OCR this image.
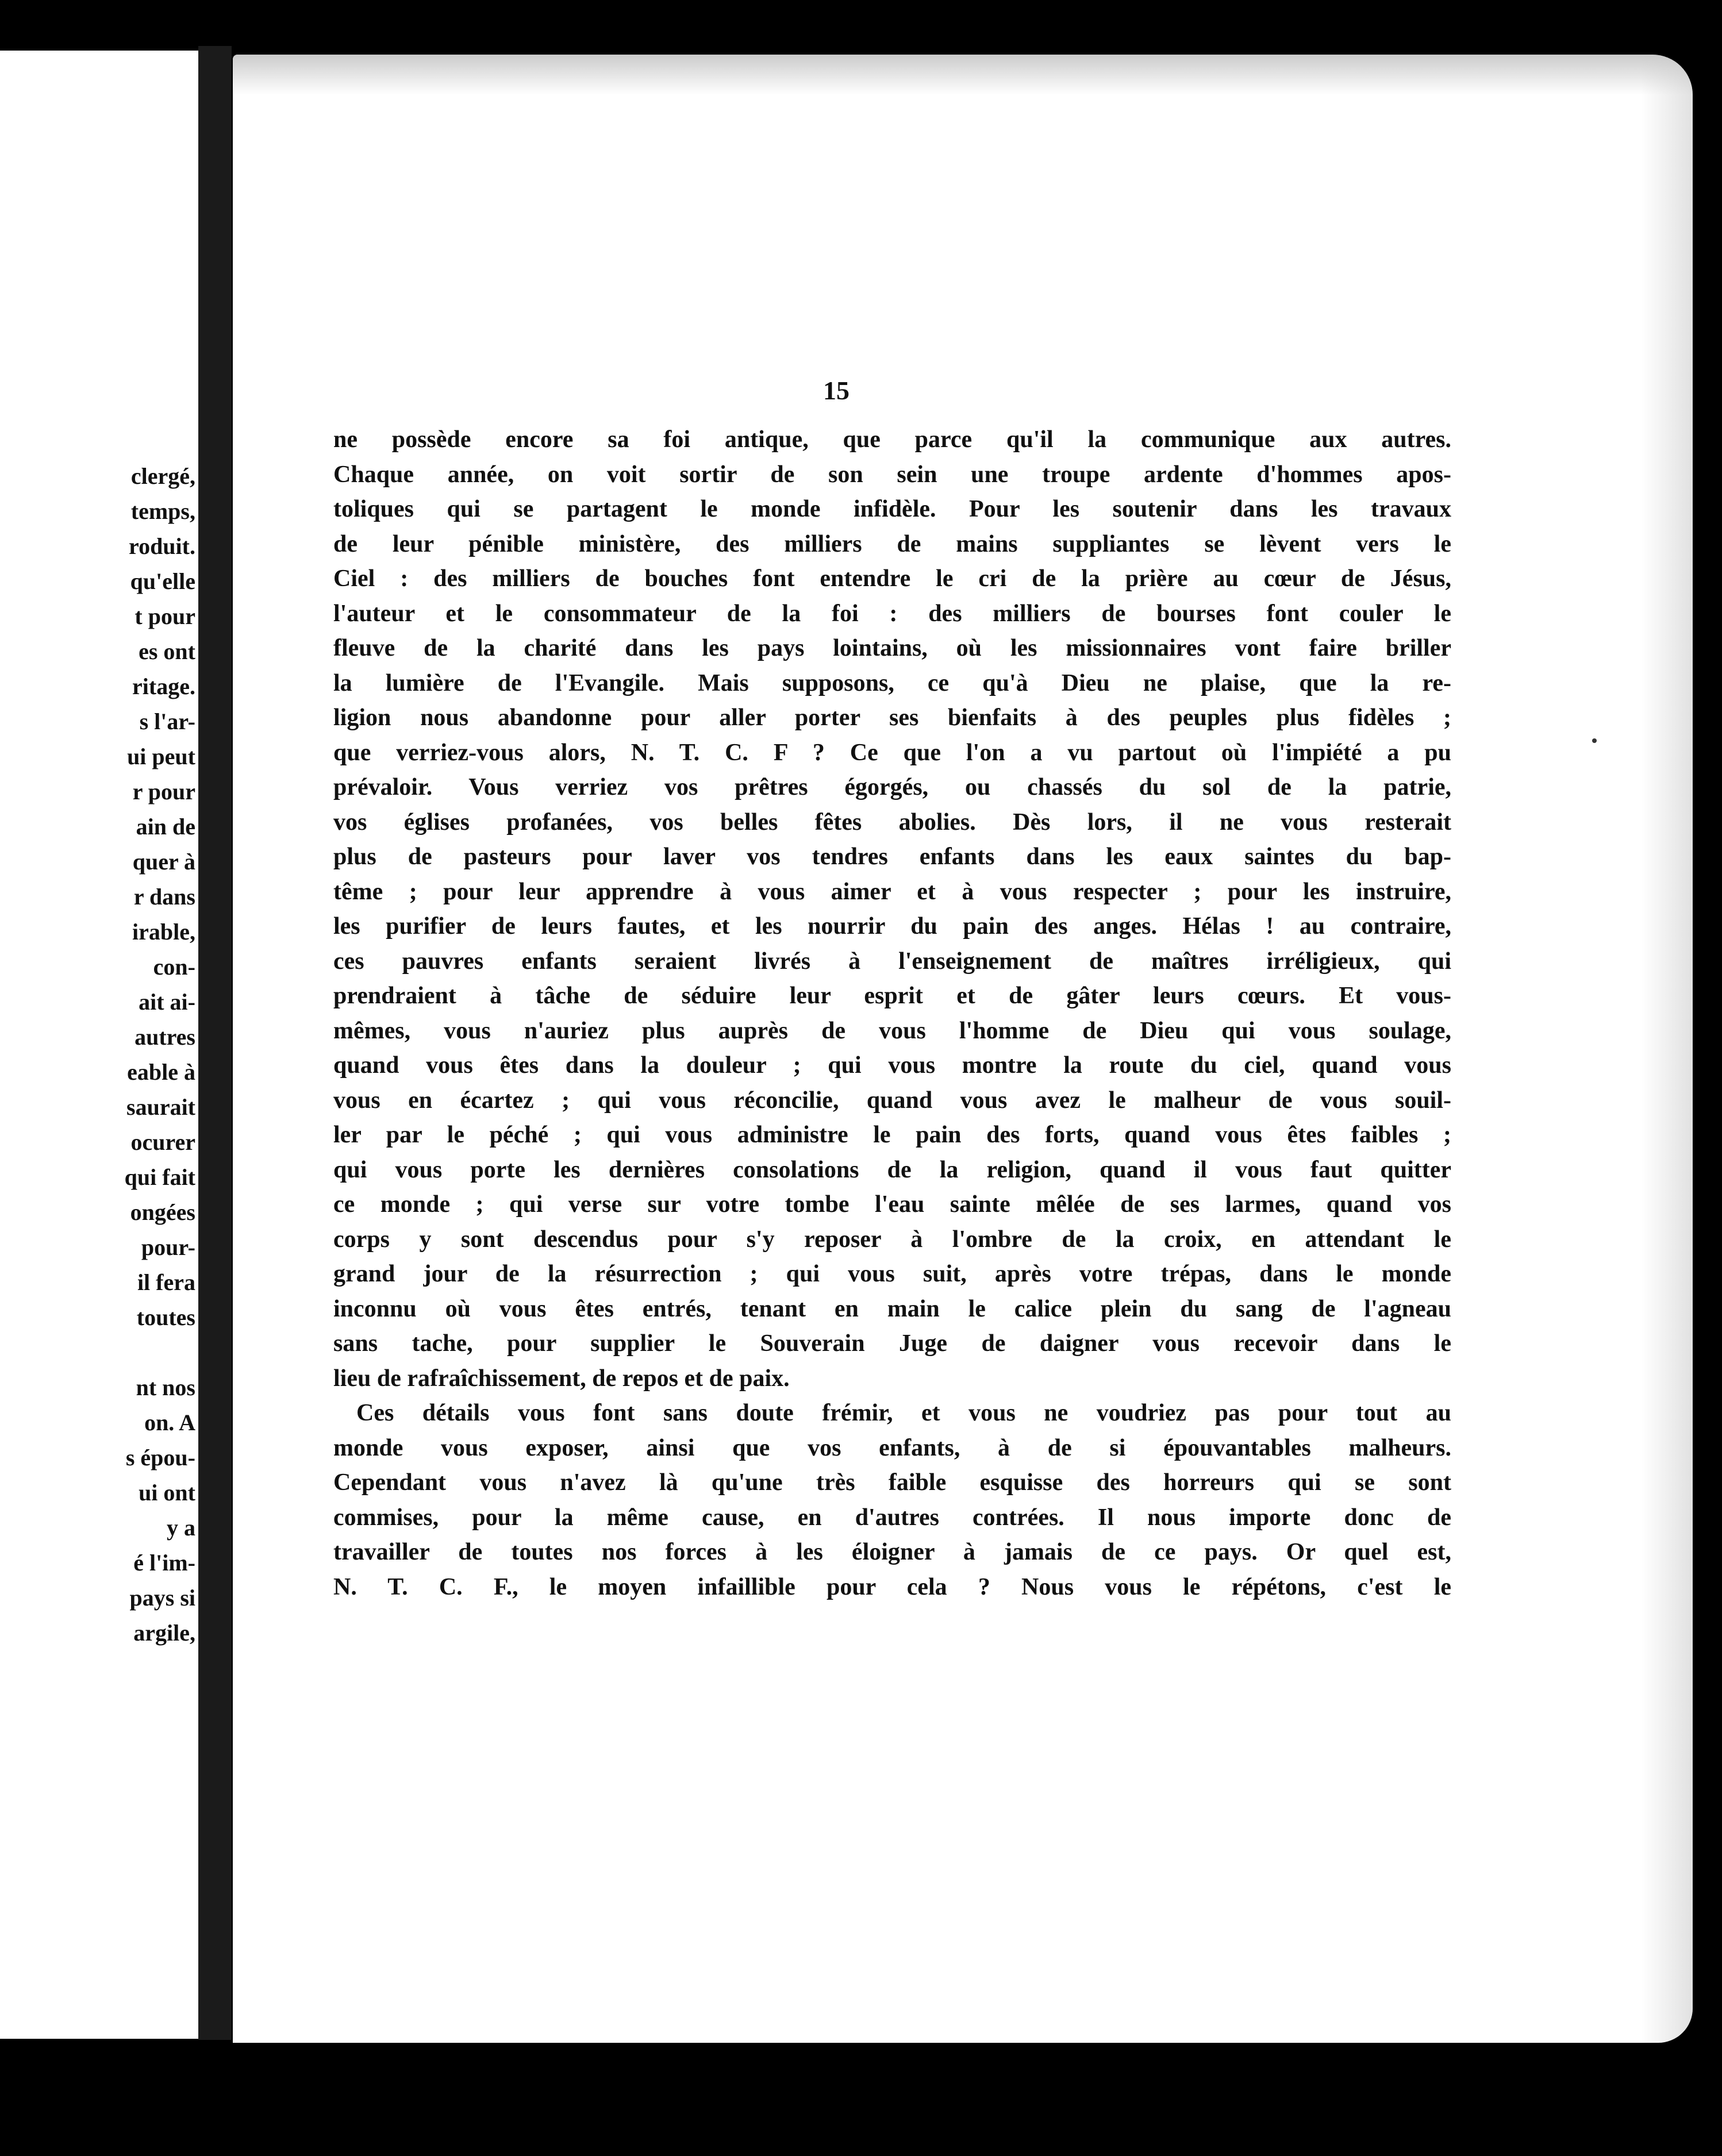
clergé,
temps,
roduit.
qu'elle
t pour
es ont
ritage.
s l'ar-
ui peut
r pour
ain de
quer à
r dans
irable,
con-
ait ai-
autres
eable à
saurait
ocurer
qui fait
ongées
pour-
il fera
toutes
nt nos
on. A
s épou-
ui ont
y a
é l'im-
pays si
argile,
15
ne possède encore sa foi antique, que parce qu'il la communique aux autres.
Chaque année, on voit sortir de son sein une troupe ardente d'hommes apos-
toliques qui se partagent le monde infidèle. Pour les soutenir dans les travaux
de leur pénible ministère, des milliers de mains suppliantes se lèvent vers le
Ciel : des milliers de bouches font entendre le cri de la prière au cœur de Jésus,
l'auteur et le consommateur de la foi : des milliers de bourses font couler le
fleuve de la charité dans les pays lointains, où les missionnaires vont faire briller
la lumière de l'Evangile. Mais supposons, ce qu'à Dieu ne plaise, que la re-
ligion nous abandonne pour aller porter ses bienfaits à des peuples plus fidèles ;
que verriez-vous alors, N. T. C. F ? Ce que l'on a vu partout où l'impiété a pu
prévaloir. Vous verriez vos prêtres égorgés, ou chassés du sol de la patrie,
vos églises profanées, vos belles fêtes abolies. Dès lors, il ne vous resterait
plus de pasteurs pour laver vos tendres enfants dans les eaux saintes du bap-
tême ; pour leur apprendre à vous aimer et à vous respecter ; pour les instruire,
les purifier de leurs fautes, et les nourrir du pain des anges. Hélas ! au contraire,
ces pauvres enfants seraient livrés à l'enseignement de maîtres irréligieux, qui
prendraient à tâche de séduire leur esprit et de gâter leurs cœurs. Et vous-
mêmes, vous n'auriez plus auprès de vous l'homme de Dieu qui vous soulage,
quand vous êtes dans la douleur ; qui vous montre la route du ciel, quand vous
vous en écartez ; qui vous réconcilie, quand vous avez le malheur de vous souil-
ler par le péché ; qui vous administre le pain des forts, quand vous êtes faibles ;
qui vous porte les dernières consolations de la religion, quand il vous faut quitter
ce monde ; qui verse sur votre tombe l'eau sainte mêlée de ses larmes, quand vos
corps y sont descendus pour s'y reposer à l'ombre de la croix, en attendant le
grand jour de la résurrection ; qui vous suit, après votre trépas, dans le monde
inconnu où vous êtes entrés, tenant en main le calice plein du sang de l'agneau
sans tache, pour supplier le Souverain Juge de daigner vous recevoir dans le
lieu de rafraîchissement, de repos et de paix.
Ces détails vous font sans doute frémir, et vous ne voudriez pas pour tout au
monde vous exposer, ainsi que vos enfants, à de si épouvantables malheurs.
Cependant vous n'avez là qu'une très faible esquisse des horreurs qui se sont
commises, pour la même cause, en d'autres contrées. Il nous importe donc de
travailler de toutes nos forces à les éloigner à jamais de ce pays. Or quel est,
N. T. C. F., le moyen infaillible pour cela ? Nous vous le répétons, c'est le
